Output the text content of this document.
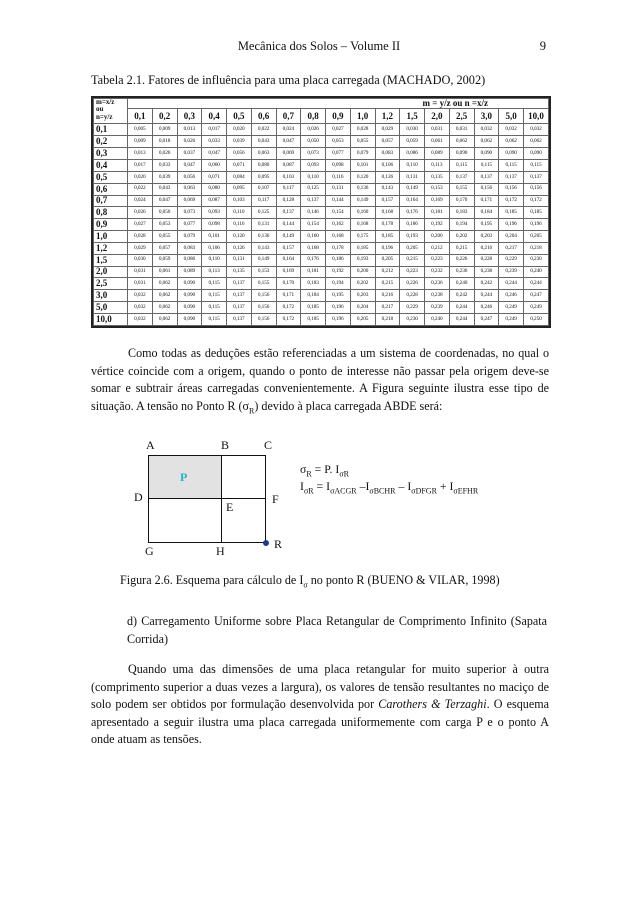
Mecânica dos Solos – Volume II	9
Tabela 2.1. Fatores de influência para uma placa carregada (MACHADO, 2002)
m=x/z
ou
n=y/z	m = y/z ou n =x/z																
	0,1	0,2	0,3	0,4	0,5	0,6	0,7	0,8	0,9	1,0	1,2	1,5	2,0	2,5	3,0	5,0	10,0
0,1	0,005	0,009	0,013	0,017	0,020	0,022	0,024	0,026	0,027	0,028	0,029	0,030	0,031	0,031	0,032	0,032	0,032
0,2	0,009	0,018	0,026	0,033	0,039	0,043	0,047	0,050	0,053	0,055	0,057	0,059	0,061	0,062	0,062	0,062	0,062
0,3	0,013	0,026	0,037	0,047	0,056	0,063	0,069	0,073	0,077	0,079	0,083	0,086	0,089	0,090	0,090	0,090	0,090
0,4	0,017	0,033	0,047	0,060	0,071	0,080	0,087	0,093	0,098	0,101	0,106	0,110	0,113	0,115	0,115	0,115	0,115
0,5	0,020	0,039	0,056	0,071	0,084	0,095	0,103	0,110	0,116	0,120	0,126	0,131	0,135	0,137	0,137	0,137	0,137
0,6	0,022	0,043	0,063	0,080	0,095	0,107	0,117	0,125	0,131	0,136	0,143	0,149	0,153	0,155	0,156	0,156	0,156
0,7	0,024	0,047	0,069	0,087	0,103	0,117	0,128	0,137	0,144	0,149	0,157	0,164	0,169	0,170	0,171	0,172	0,172
0,8	0,026	0,050	0,073	0,093	0,110	0,125	0,137	0,146	0,154	0,160	0,168	0,176	0,181	0,183	0,184	0,185	0,185
0,9	0,027	0,053	0,077	0,098	0,116	0,131	0,144	0,154	0,162	0,168	0,178	0,186	0,192	0,194	0,195	0,196	0,196
1,0	0,028	0,055	0,079	0,101	0,120	0,136	0,149	0,160	0,168	0,175	0,185	0,193	0,200	0,202	0,203	0,204	0,205
1,2	0,029	0,057	0,083	0,106	0,126	0,143	0,157	0,168	0,178	0,185	0,196	0,205	0,212	0,215	0,216	0,217	0,218
1,5	0,030	0,059	0,086	0,110	0,131	0,149	0,164	0,176	0,186	0,193	0,205	0,215	0,223	0,226	0,228	0,229	0,230
2,0	0,031	0,061	0,089	0,113	0,135	0,153	0,169	0,181	0,192	0,200	0,212	0,223	0,232	0,236	0,238	0,239	0,240
2,5	0,031	0,062	0,090	0,115	0,137	0,155	0,170	0,183	0,194	0,202	0,215	0,226	0,236	0,240	0,242	0,244	0,244
3,0	0,032	0,062	0,090	0,115	0,137	0,156	0,171	0,184	0,195	0,203	0,216	0,228	0,238	0,242	0,244	0,246	0,247
5,0	0,032	0,062	0,090	0,115	0,137	0,156	0,172	0,185	0,196	0,204	0,217	0,229	0,239	0,244	0,246	0,249	0,249
10,0	0,032	0,062	0,090	0,115	0,137	0,156	0,172	0,185	0,196	0,205	0,218	0,230	0,240	0,244	0,247	0,249	0,250

Como todas as deduções estão referenciadas a um sistema de coordenadas, no qual o vértice coincide com a origem, quando o ponto de interesse não passar pela origem deve-se somar e subtrair áreas carregadas convenientemente. A Figura seguinte ilustra esse tipo de situação. A tensão no Ponto R $(\sigma_R)$ devido à placa carregada ABDE será:

A	B	C
P
D
E
F
G	H	R
$\sigma_R = P$. $I_{\sigma R}$
$I_{\sigma R} = I_{\sigma ACGR}$ $-I_{\sigma BCHR} - I_{\sigma DFGR} + I_{\sigma EFHR}$
Figura 2.6. Esquema para cálculo de $I_\sigma$ no ponto R (BUENO & VILAR, 1998)
d) Carregamento Uniforme sobre Placa Retangular de Comprimento Infinito (Sapata Corrida)

Quando uma das dimensões de uma placa retangular for muito superior à outra (comprimento superior a duas vezes a largura), os valores de tensão resultantes no maciço de solo podem ser obtidos por formulação desenvolvida por Carothers & Terzaghi. O esquema apresentado a seguir ilustra uma placa carregada uniformemente com carga P e o ponto A onde atuam as tensões.
